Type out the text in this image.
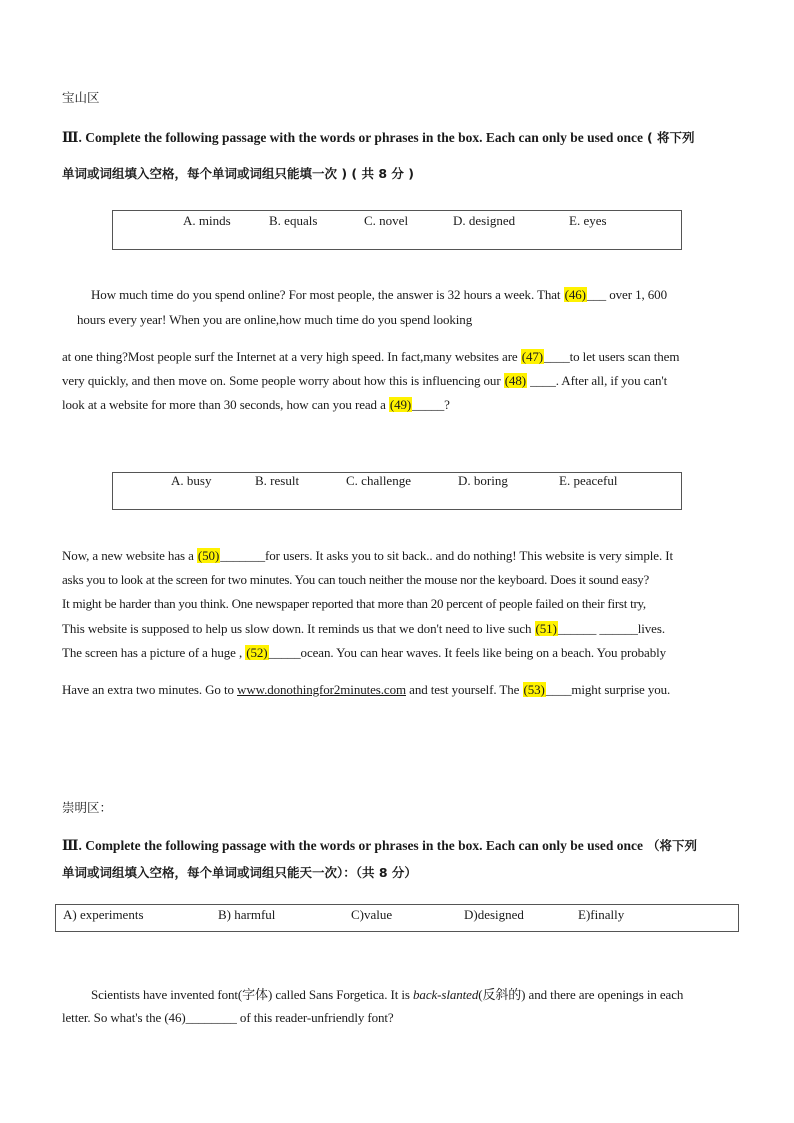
宝山区
Ⅲ. Complete the following passage with the words or phrases in the box. Each can only be used once ( 将下列
单词或词组填入空格，每个单词或词组只能填一次 ) ( 共 8 分 )
A. minds	B. equals	C. novel	D. designed	E. eyes
How much time do you spend online? For most people, the answer is 32 hours a week. That (46)___ over 1, 600
hours every year! When you are online,how much time do you spend looking
at one thing?Most people surf the Internet at a very high speed. In fact,many websites are (47)____to let users scan them
very quickly, and then move on. Some people worry about how this is influencing our (48) ____. After all, if you can't
look at a website for more than 30 seconds, how can you read a (49)_____?
A. busy	B. result	C. challenge	D. boring	E. peaceful
Now, a new website has a (50)_______for users. It asks you to sit back.. and do nothing! This website is very simple. It
asks you to look at the screen for two minutes. You can touch neither the mouse nor the keyboard. Does it sound easy?
It might be harder than you think. One newspaper reported that more than 20 percent of people failed on their first try,
This website is supposed to help us slow down. It reminds us that we don't need to live such (51)______ ______lives.
The screen has a picture of a huge , (52)_____ocean. You can hear waves. It feels like being on a beach. You probably
Have an extra two minutes. Go to www.donothingfor2minutes.com and test yourself. The (53)____might surprise you.
崇明区：
Ⅲ. Complete the following passage with the words or phrases in the box. Each can only be used once （将下列
单词或词组填入空格，每个单词或词组只能天一次）：（共 8 分）
A) experiments	B) harmful	C)value	D)designed	E)finally
Scientists have invented font(字体) called Sans Forgetica. It is back-slanted(反斜的) and there are openings in each
letter. So what's the (46)________ of this reader-unfriendly font?
